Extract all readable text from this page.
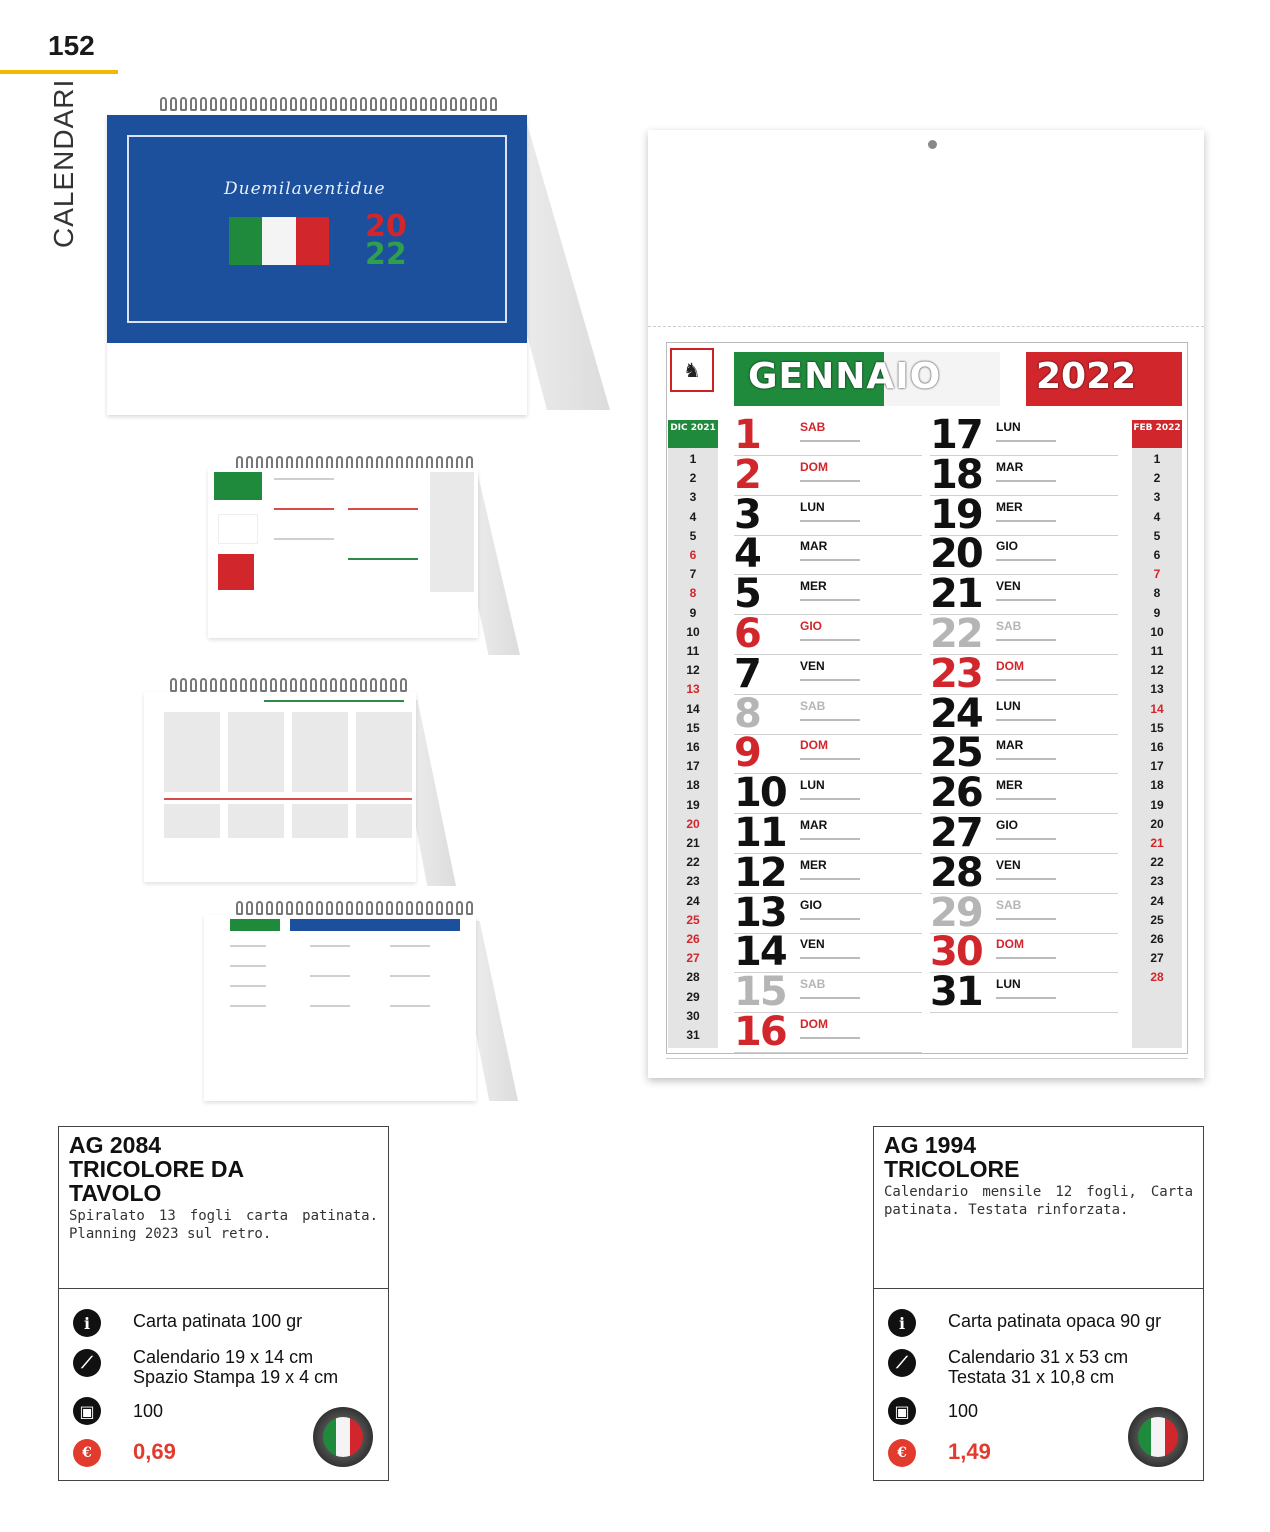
152
CALENDARI	Duemilaventidue
20
22
♞	GENNAIO	2022
DIC 2021
1
2
3
4
5
6
7
8
9
10
11
12
13
14
15
16
17
18
19
20
21
22
23
24
25
26
27
28
29
30
31
FEB 2022
1
2
3
4
5
6
7
8
9
10
11
12
13
14
15
16
17
18
19
20
21
22
23
24
25
26
27
28
1	SAB
2	DOM
3	LUN
4	MAR
5	MER
6	GIO
7	VEN
8	SAB
9	DOM
10 LUN
11 MAR
12 MER
13 GIO
14 VEN
15 SAB
16 DOM
17 LUN
18 MAR
19 MER
20 GIO
21 VEN
22 SAB
23 DOM
24 LUN
25 MAR
26 MER
27 GIO
28 VEN
29 SAB
30 DOM
31 LUN
AG 2084
TRICOLORE DA
TAVOLO
Spiralato 13 fogli carta patinata. Planning 2023 sul retro.
i	Carta patinata 100 gr
⟋	Calendario 19 x 14 cm
Spazio Stampa 19 x 4 cm
▣	100
€	0,69
AG 1994
TRICOLORE
Calendario mensile 12 fogli, Carta patinata. Testata rinforzata.
i	Carta patinata opaca 90 gr
⟋	Calendario 31 x 53 cm
Testata 31 x 10,8 cm
▣	100
€	1,49
